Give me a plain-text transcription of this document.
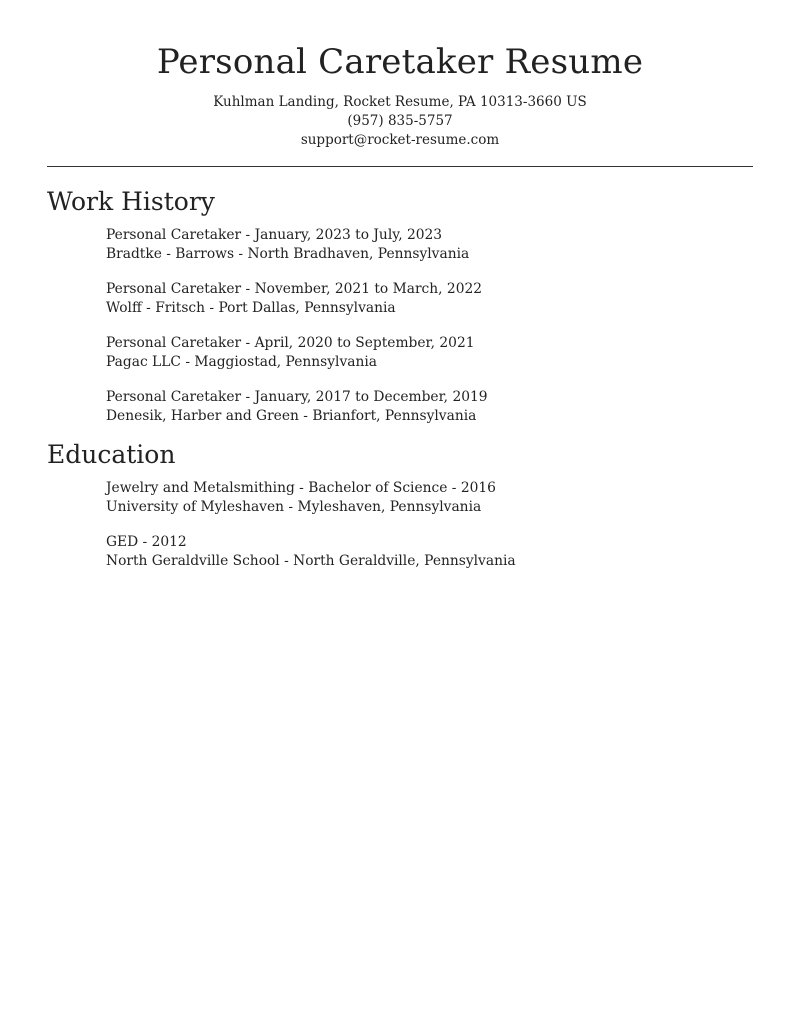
Personal Caretaker Resume
Kuhlman Landing, Rocket Resume, PA 10313-3660 US
(957) 835-5757
support@rocket-resume.com
Work History
Personal Caretaker - January, 2023 to July, 2023
Bradtke - Barrows - North Bradhaven, Pennsylvania
Personal Caretaker - November, 2021 to March, 2022
Wolff - Fritsch - Port Dallas, Pennsylvania
Personal Caretaker - April, 2020 to September, 2021
Pagac LLC - Maggiostad, Pennsylvania
Personal Caretaker - January, 2017 to December, 2019
Denesik, Harber and Green - Brianfort, Pennsylvania
Education
Jewelry and Metalsmithing - Bachelor of Science - 2016
University of Myleshaven - Myleshaven, Pennsylvania
GED - 2012
North Geraldville School - North Geraldville, Pennsylvania
